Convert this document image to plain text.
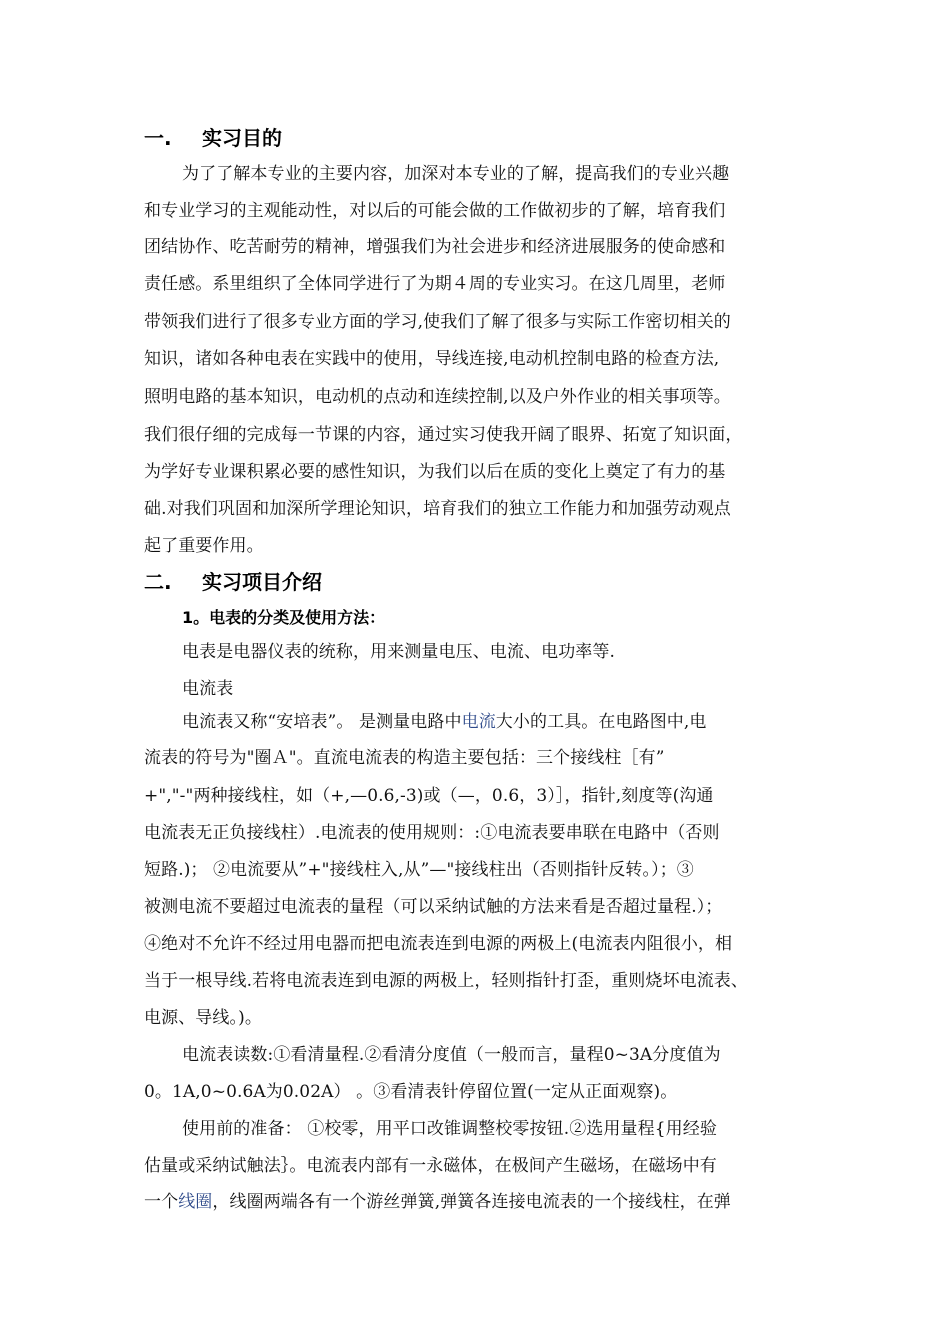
一. 实习目的
为了了解本专业的主要内容，加深对本专业的了解，提高我们的专业兴趣
和专业学习的主观能动性，对以后的可能会做的工作做初步的了解，培育我们
团结协作、吃苦耐劳的精神，增强我们为社会进步和经济进展服务的使命感和
责任感。系里组织了全体同学进行了为期４周的专业实习。在这几周里，老师
带领我们进行了很多专业方面的学习,使我们了解了很多与实际工作密切相关的
知识，诸如各种电表在实践中的使用，导线连接,电动机控制电路的检查方法,
照明电路的基本知识，电动机的点动和连续控制,以及户外作业的相关事项等。
我们很仔细的完成每一节课的内容，通过实习使我开阔了眼界、拓宽了知识面，
为学好专业课积累必要的感性知识，为我们以后在质的变化上奠定了有力的基
础.对我们巩固和加深所学理论知识，培育我们的独立工作能力和加强劳动观点
起了重要作用。
二. 实习项目介绍
1。电表的分类及使用方法：
电表是电器仪表的统称，用来测量电压、电流、电功率等.
电流表
电流表又称“安培表”。 是测量电路中电流大小的工具。在电路图中,电
流表的符号为"圈Ａ"。直流电流表的构造主要包括：三个接线柱［有”
+","-"两种接线柱，如（+,—0.6,-3)或（—，0.6，3）］，指针,刻度等(沟通
电流表无正负接线柱）.电流表的使用规则：:①电流表要串联在电路中（否则
短路.)； ②电流要从”+"接线柱入,从”—"接线柱出（否则指针反转。）；③
被测电流不要超过电流表的量程（可以采纳试触的方法来看是否超过量程.）；
④绝对不允许不经过用电器而把电流表连到电源的两极上(电流表内阻很小，相
当于一根导线.若将电流表连到电源的两极上，轻则指针打歪，重则烧坏电流表、
电源、导线。)。
电流表读数:①看清量程.②看清分度值（一般而言，量程0~3A分度值为
0。1A,0~0.6A为0.02A） 。③看清表针停留位置(一定从正面观察)。
使用前的准备： ①校零，用平口改锥调整校零按钮.②选用量程{用经验
估量或采纳试触法｝。电流表内部有一永磁体，在极间产生磁场，在磁场中有
一个线圈，线圈两端各有一个游丝弹簧,弹簧各连接电流表的一个接线柱，在弹
